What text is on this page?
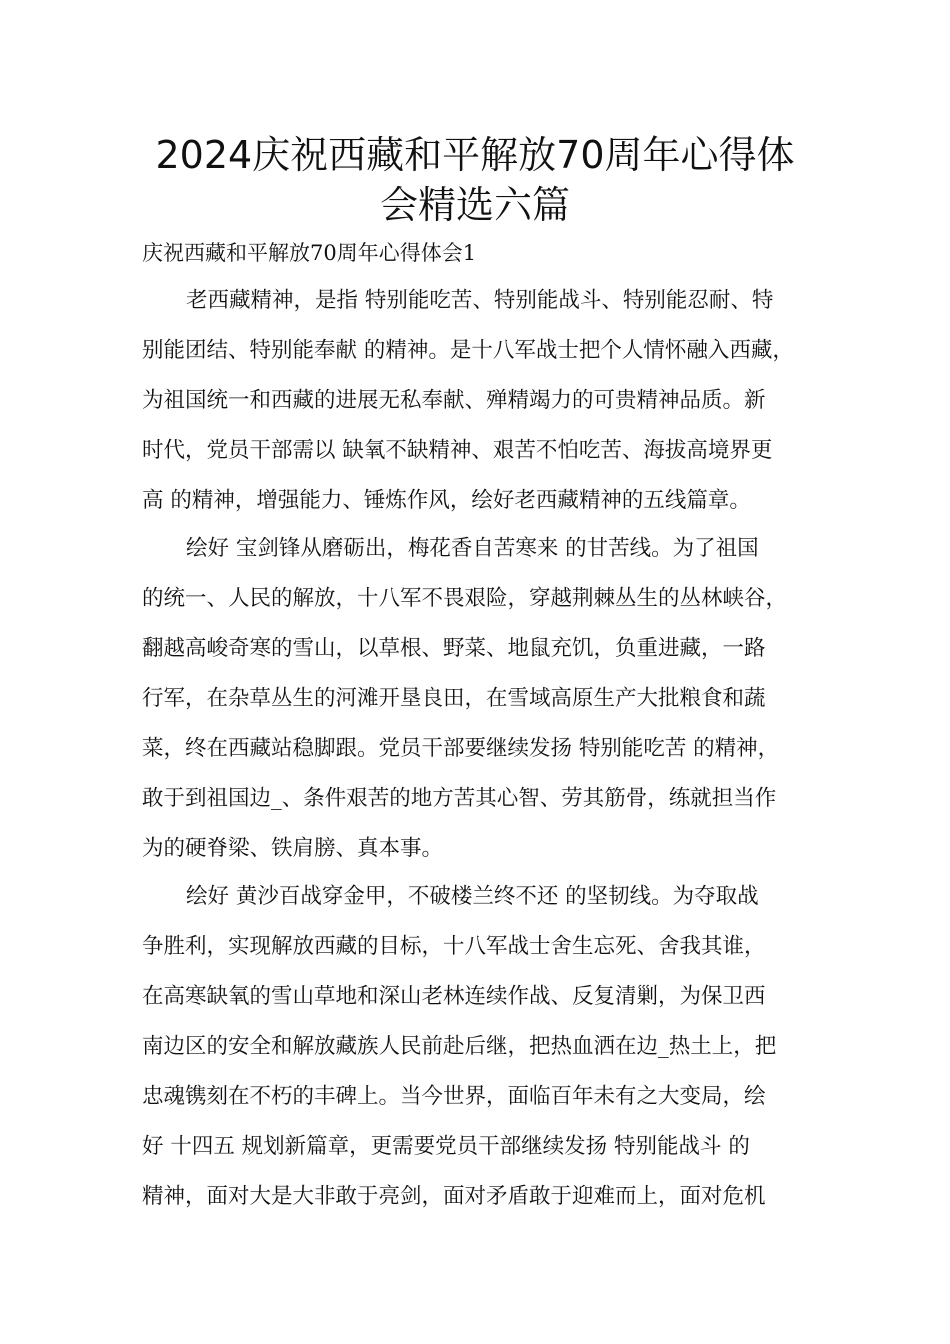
2024庆祝西藏和平解放70周年心得体
会精选六篇
庆祝西藏和平解放70周年心得体会1
老西藏精神，是指 特别能吃苦、特别能战斗、特别能忍耐、特
别能团结、特别能奉献 的精神。是十八军战士把个人情怀融入西藏，
为祖国统一和西藏的进展无私奉献、殚精竭力的可贵精神品质。新
时代，党员干部需以 缺氧不缺精神、艰苦不怕吃苦、海拔高境界更
高 的精神，增强能力、锤炼作风，绘好老西藏精神的五线篇章。
绘好 宝剑锋从磨砺出，梅花香自苦寒来 的甘苦线。为了祖国
的统一、人民的解放，十八军不畏艰险，穿越荆棘丛生的丛林峡谷，
翻越高峻奇寒的雪山，以草根、野菜、地鼠充饥，负重进藏，一路
行军，在杂草丛生的河滩开垦良田，在雪域高原生产大批粮食和蔬
菜，终在西藏站稳脚跟。党员干部要继续发扬 特别能吃苦 的精神，
敢于到祖国边_、条件艰苦的地方苦其心智、劳其筋骨，练就担当作
为的硬脊梁、铁肩膀、真本事。
绘好 黄沙百战穿金甲，不破楼兰终不还 的坚韧线。为夺取战
争胜利，实现解放西藏的目标，十八军战士舍生忘死、舍我其谁，
在高寒缺氧的雪山草地和深山老林连续作战、反复清剿，为保卫西
南边区的安全和解放藏族人民前赴后继，把热血洒在边_热土上，把
忠魂镌刻在不朽的丰碑上。当今世界，面临百年未有之大变局，绘
好 十四五 规划新篇章，更需要党员干部继续发扬 特别能战斗 的
精神，面对大是大非敢于亮剑，面对矛盾敢于迎难而上，面对危机
